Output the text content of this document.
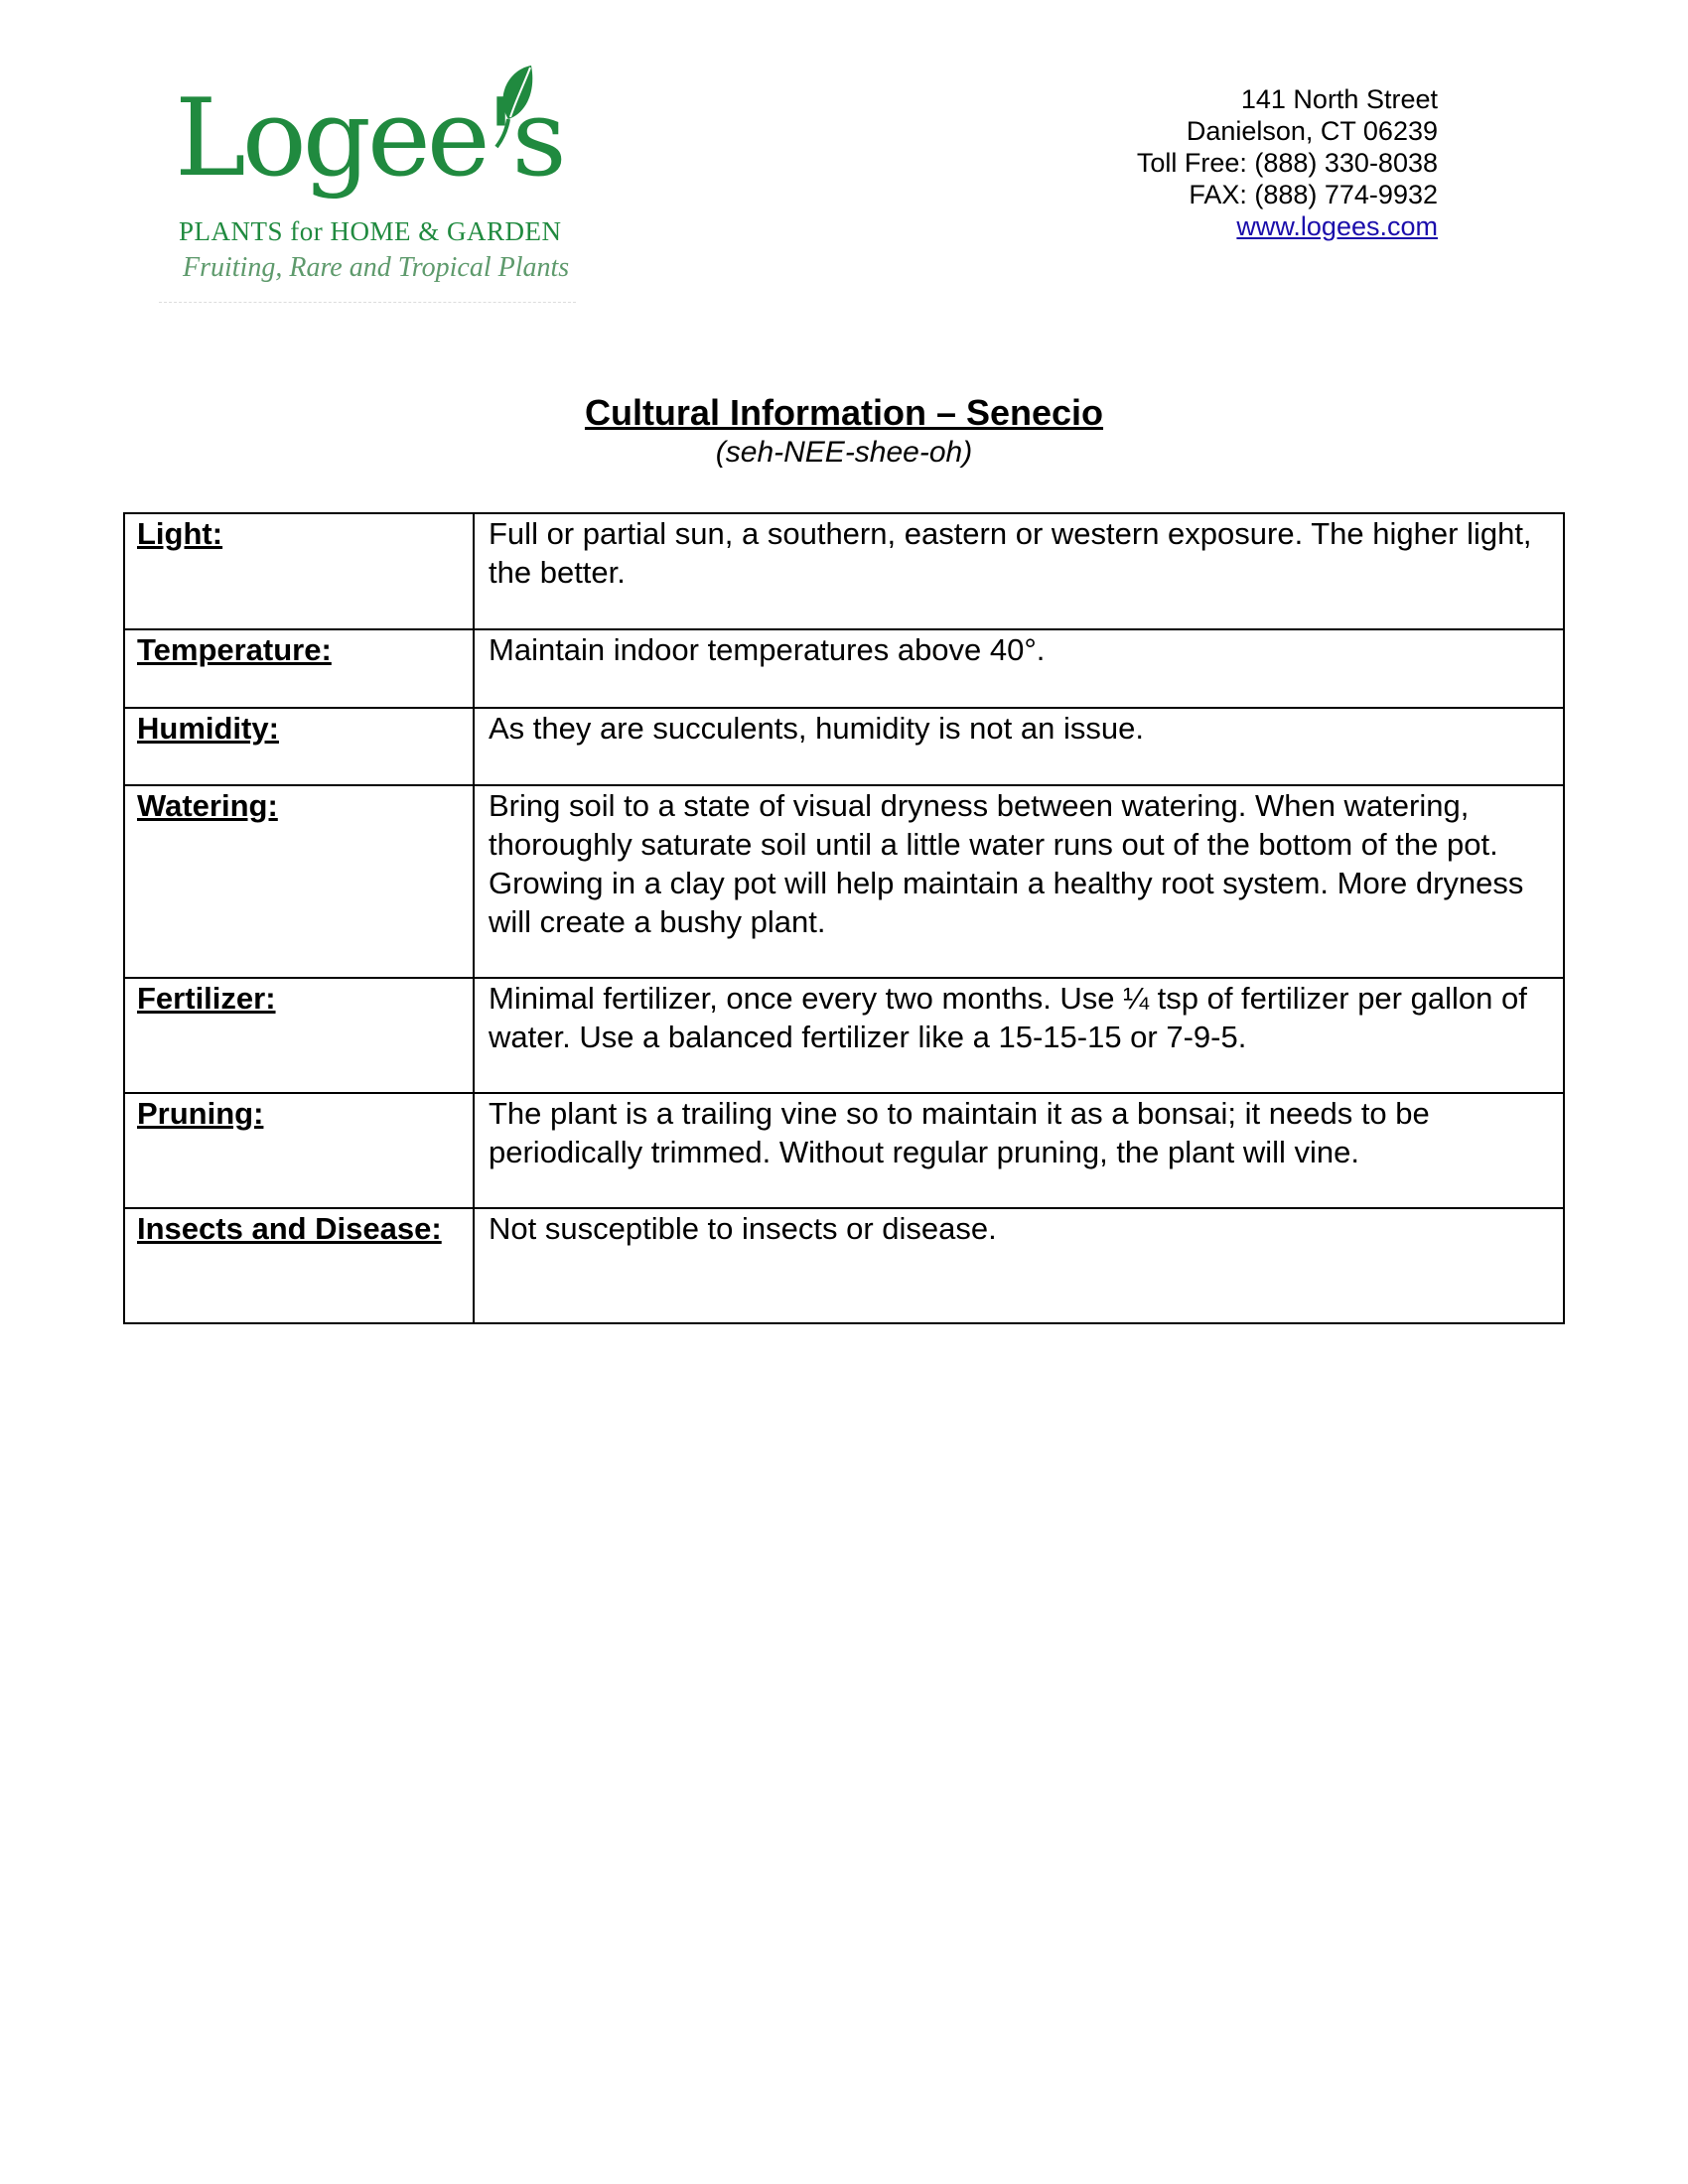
Logee's
PLANTS for HOME & GARDEN
Fruiting, Rare and Tropical Plants
141 North Street
Danielson, CT 06239
Toll Free: (888) 330-8038
FAX: (888) 774-9932
www.logees.com
Cultural Information – Senecio
(seh-NEE-shee-oh)
Light:	Full or partial sun, a southern, eastern or western exposure. The higher light, the better.
Temperature:	Maintain indoor temperatures above 40°.
Humidity:	As they are succulents, humidity is not an issue.
Watering:	Bring soil to a state of visual dryness between watering. When watering, thoroughly saturate soil until a little water runs out of the bottom of the pot. Growing in a clay pot will help maintain a healthy root system. More dryness will create a bushy plant.
Fertilizer:	Minimal fertilizer, once every two months. Use ¼ tsp of fertilizer per gallon of water. Use a balanced fertilizer like a 15-15-15 or 7-9-5.
Pruning:	The plant is a trailing vine so to maintain it as a bonsai; it needs to be periodically trimmed. Without regular pruning, the plant will vine.
Insects and Disease:	Not susceptible to insects or disease.
